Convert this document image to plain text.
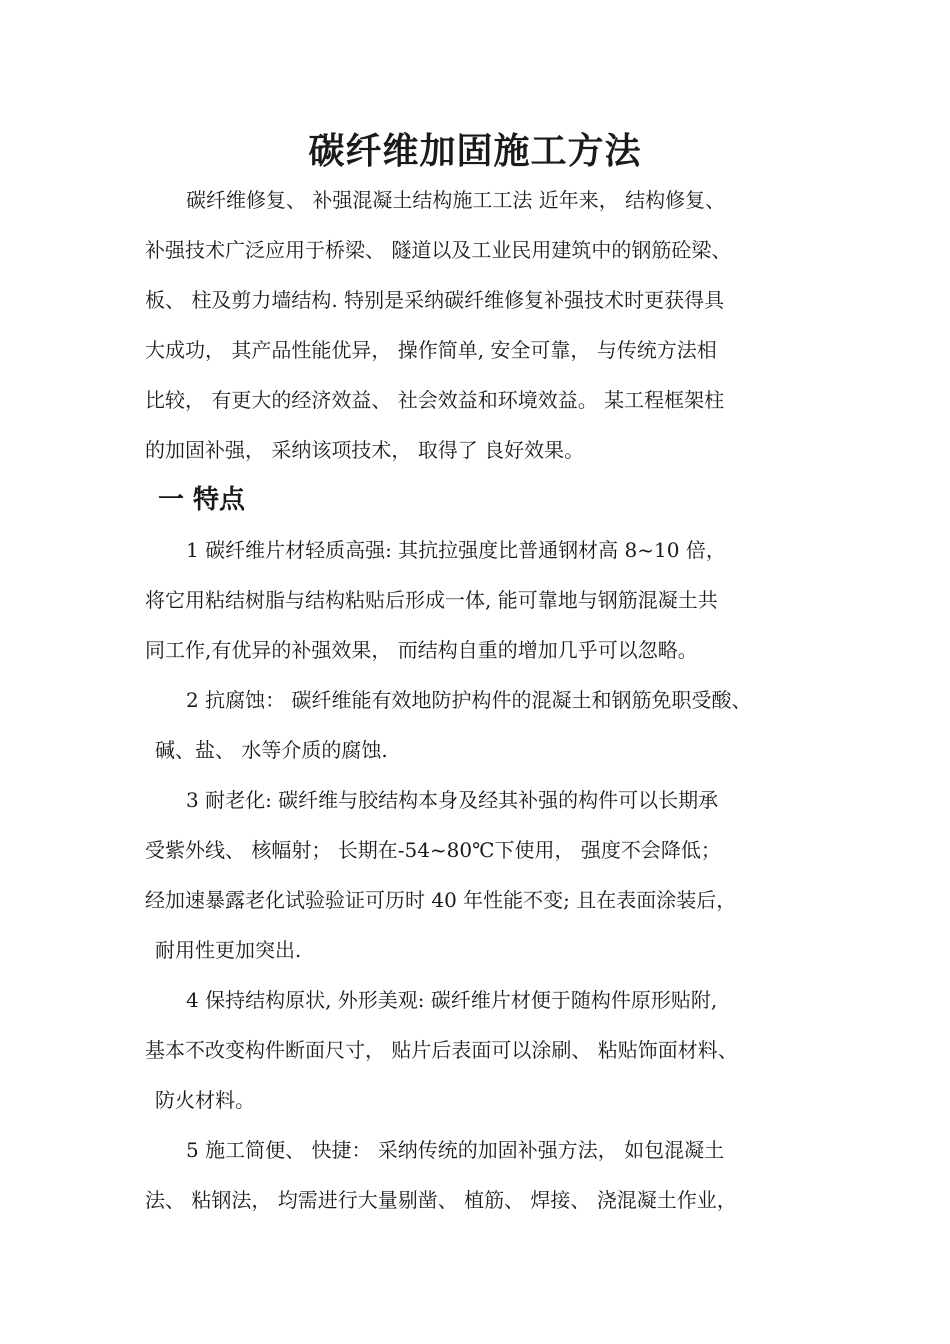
碳纤维加固施工方法
碳纤维修复、 补强混凝土结构施工工法 近年来， 结构修复、
补强技术广泛应用于桥梁、 隧道以及工业民用建筑中的钢筋砼梁、
板、 柱及剪力墙结构. 特别是采纳碳纤维修复补强技术时更获得具
大成功， 其产品性能优异， 操作简单, 安全可靠， 与传统方法相
比较， 有更大的经济效益、 社会效益和环境效益。 某工程框架柱
的加固补强， 采纳该项技术， 取得了 良好效果。
一 特点
1 碳纤维片材轻质高强: 其抗拉强度比普通钢材高 8~10 倍，
将它用粘结树脂与结构粘贴后形成一体, 能可靠地与钢筋混凝土共
同工作,有优异的补强效果， 而结构自重的增加几乎可以忽略。
2 抗腐蚀： 碳纤维能有效地防护构件的混凝土和钢筋免职受酸、
碱、盐、 水等介质的腐蚀.
3 耐老化: 碳纤维与胶结构本身及经其补强的构件可以长期承
受紫外线、 核幅射； 长期在-54~80℃下使用， 强度不会降低；
经加速暴露老化试验验证可历时 40 年性能不变; 且在表面涂装后，
耐用性更加突出.
4 保持结构原状, 外形美观: 碳纤维片材便于随构件原形贴附,
基本不改变构件断面尺寸， 贴片后表面可以涂刷、 粘贴饰面材料、
防火材料。
5 施工简便、 快捷： 采纳传统的加固补强方法， 如包混凝土
法、 粘钢法， 均需进行大量剔凿、 植筋、 焊接、 浇混凝土作业，
